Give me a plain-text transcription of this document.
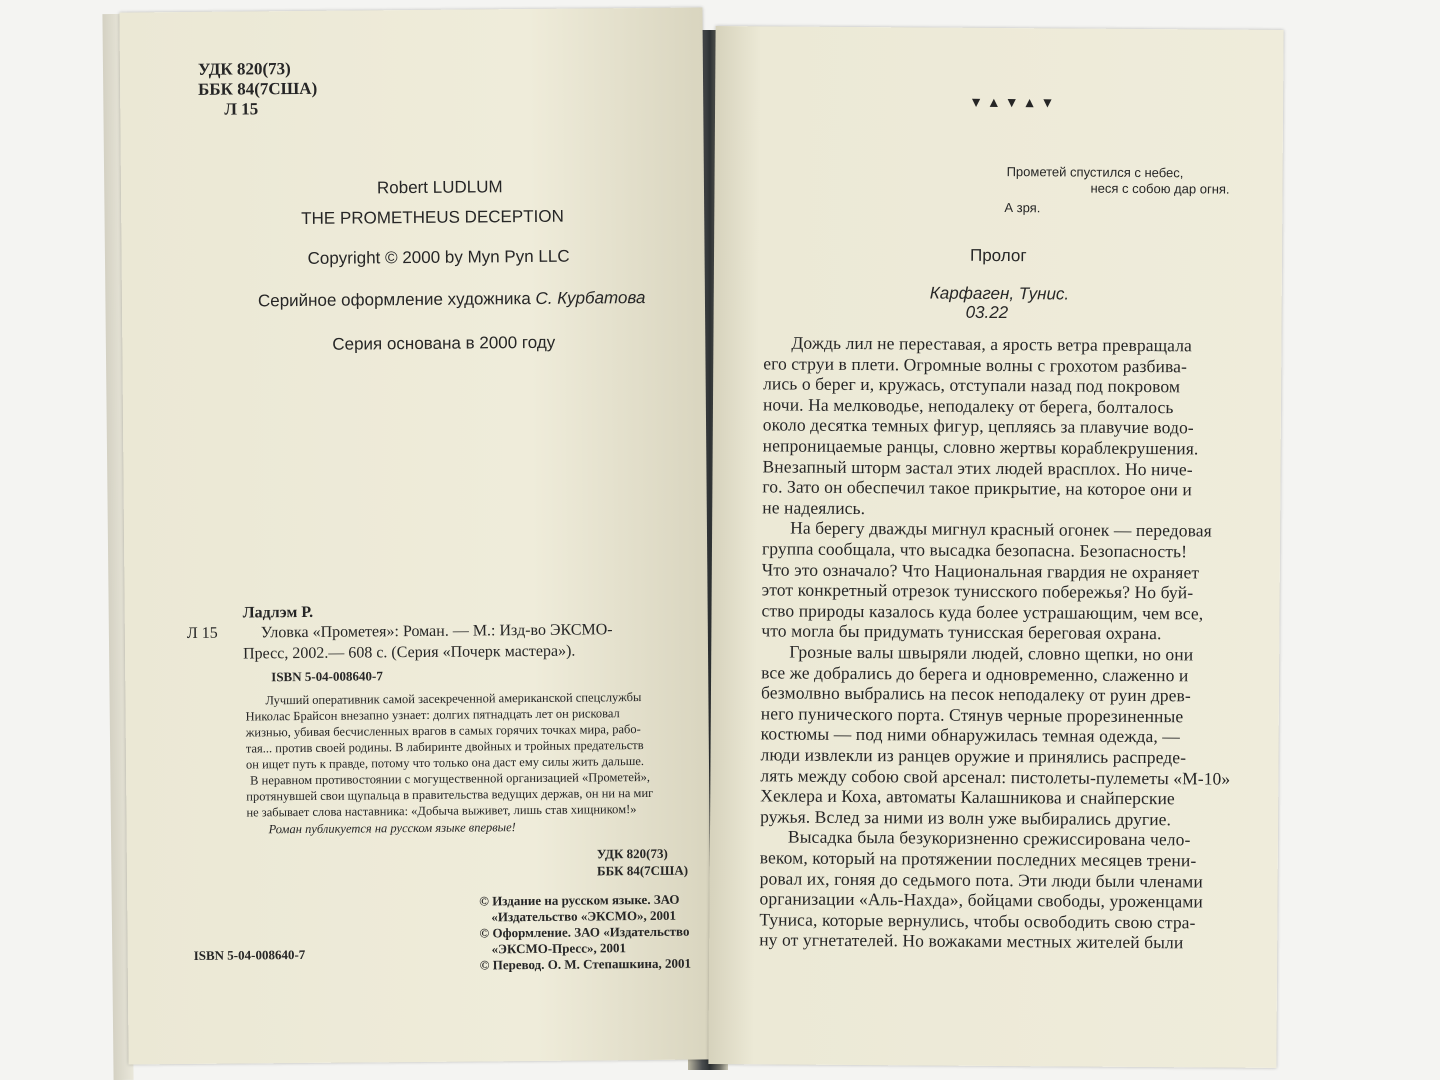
УДК 820(73)
ББК 84(7США)
Л 15
Robert LUDLUM
THE PROMETHEUS DECEPTION
Copyright © 2000 by Myn Pyn LLC
Серийное оформление художника С. Курбатова
Серия основана в 2000 году
Ладлэм Р.
Л 15	Уловка «Прометея»: Роман. — М.: Изд-во ЭКСМО-
Пресс, 2002.— 608 с. (Серия «Почерк мастера»).
ISBN 5-04-008640-7
Лучший оперативник самой засекреченной американской спецслужбы
Николас Брайсон внезапно узнает: долгих пятнадцать лет он рисковал
жизнью, убивая бесчисленных врагов в самых горячих точках мира, рабо-
тая... против своей родины. В лабиринте двойных и тройных предательств
он ищет путь к правде, потому что только она даст ему силы жить дальше.
В неравном противостоянии с могущественной организацией «Прометей»,
протянувшей свои щупальца в правительства ведущих держав, он ни на миг
не забывает слова наставника: «Добыча выживет, лишь став хищником!»
Роман публикуется на русском языке впервые!
УДК 820(73)
ББК 84(7США)
© Издание на русском языке. ЗАО
«Издательство «ЭКСМО», 2001
© Оформление. ЗАО «Издательство
«ЭКСМО-Пресс», 2001
© Перевод. О. М. Степашкина, 2001
ISBN 5-04-008640-7
▼▲▼▲▼
Прометей спустился с небес,
неся с собою дар огня.
А зря.
Пролог
Карфаген, Тунис.
03.22
Дождь лил не переставая, а ярость ветра превращала
его струи в плети. Огромные волны с грохотом разбива-
лись о берег и, кружась, отступали назад под покровом
ночи. На мелководье, неподалеку от берега, болталось
около десятка темных фигур, цепляясь за плавучие водо-
непроницаемые ранцы, словно жертвы кораблекрушения.
Внезапный шторм застал этих людей врасплох. Но ниче-
го. Зато он обеспечил такое прикрытие, на которое они и
не надеялись.
На берегу дважды мигнул красный огонек — передовая
группа сообщала, что высадка безопасна. Безопасность!
Что это означало? Что Национальная гвардия не охраняет
этот конкретный отрезок тунисского побережья? Но буй-
ство природы казалось куда более устрашающим, чем все,
что могла бы придумать тунисская береговая охрана.
Грозные валы швыряли людей, словно щепки, но они
все же добрались до берега и одновременно, слаженно и
безмолвно выбрались на песок неподалеку от руин древ-
него пунического порта. Стянув черные прорезиненные
костюмы — под ними обнаружилась темная одежда, —
люди извлекли из ранцев оружие и принялись распреде-
лять между собою свой арсенал: пистолеты-пулеметы «М-10»
Хеклера и Коха, автоматы Калашникова и снайперские
ружья. Вслед за ними из волн уже выбирались другие.
Высадка была безукоризненно срежиссирована чело-
веком, который на протяжении последних месяцев трени-
ровал их, гоняя до седьмого пота. Эти люди были членами
организации «Аль-Нахда», бойцами свободы, уроженцами
Туниса, которые вернулись, чтобы освободить свою стра-
ну от угнетателей. Но вожаками местных жителей были
